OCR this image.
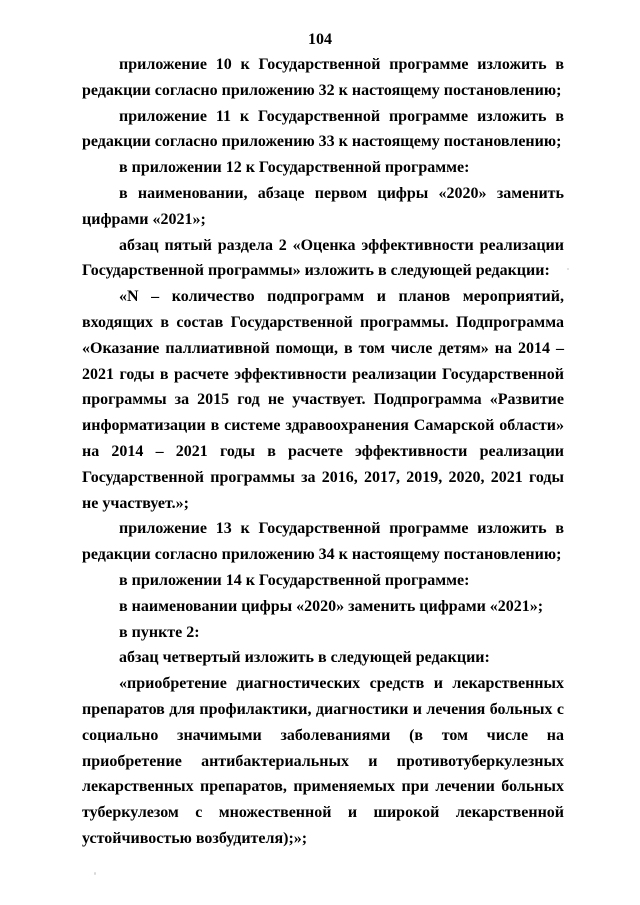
104

приложение 10 к Государственной программе изложить в редакции согласно приложению 32 к настоящему постановлению;

приложение 11 к Государственной программе изложить в редакции согласно приложению 33 к настоящему постановлению;

в приложении 12 к Государственной программе:

в наименовании, абзаце первом цифры «2020» заменить цифрами «2021»;

абзац пятый раздела 2 «Оценка эффективности реализации Государственной программы» изложить в следующей редакции:

«N – количество подпрограмм и планов мероприятий, входящих в состав Государственной программы. Подпрограмма «Оказание паллиативной помощи, в том числе детям» на 2014 – 2021 годы в расчете эффективности реализации Государственной программы за 2015 год не участвует. Подпрограмма «Развитие информатизации в системе здравоохранения Самарской области» на 2014 – 2021 годы в расчете эффективности реализации Государственной программы за 2016, 2017, 2019, 2020, 2021 годы не участвует.»;

приложение 13 к Государственной программе изложить в редакции согласно приложению 34 к настоящему постановлению;

в приложении 14 к Государственной программе:

в наименовании цифры «2020» заменить цифрами «2021»;

в пункте 2:

абзац четвертый изложить в следующей редакции:

«приобретение диагностических средств и лекарственных препаратов для профилактики, диагностики и лечения больных с социально значимыми заболеваниями (в том числе на приобретение антибактериальных и противотуберкулезных лекарственных препаратов, применяемых при лечении больных туберкулезом с множественной и широкой лекарственной устойчивостью возбудителя);»;
